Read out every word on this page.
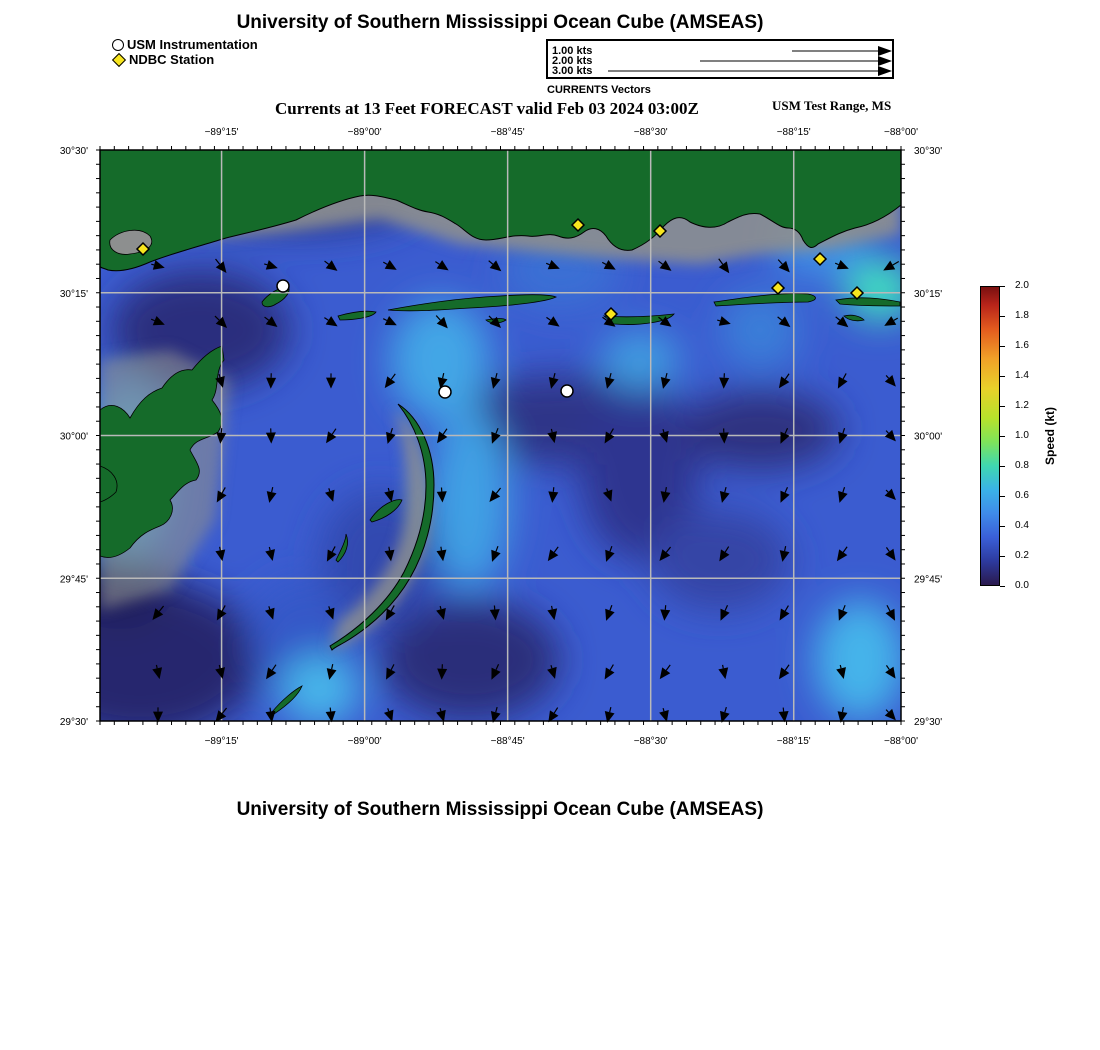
University of Southern Mississippi Ocean Cube (AMSEAS)
USM Instrumentation
NDBC Station
1.00 kts
2.00 kts
3.00 kts
CURRENTS Vectors
Currents at 13 Feet FORECAST valid Feb 03 2024 03:00Z	USM Test Range, MS
−89°15'
−89°15'
−89°00'
−89°00'
−88°45'
−88°45'
−88°30'
−88°30'
−88°15'
−88°15'
−88°00'
−88°00'
30°30'	30°30'
30°15'	30°15'
30°00'	30°00'
29°45'	29°45'
29°30'	29°30'
Speed (kt)
University of Southern Mississippi Ocean Cube (AMSEAS)
2.0
1.8
1.6
1.4
1.2
1.0
0.8
0.6
0.4
0.2
0.0
